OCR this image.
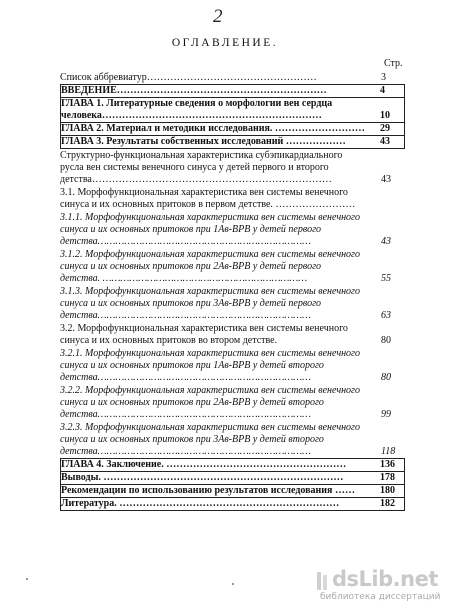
2
ОГЛАВЛЕНИЕ.
Стр.
Список аббревиатур……………………………………………	3
ВВЕДЕНИЕ………………………………………………………	4
ГЛАВА 1. Литературные сведения о морфологии вен сердца
человека…………………………………………………………	10
ГЛАВА 2. Материал и методики исследования. ………………………	29
ГЛАВА 3. Результаты собственных исследований ………………	43
Структурно-функциональная характеристика субэпикардиального
русла вен системы венечного синуса у детей первого и второго
детства………………………………………………………………	43
3.1. Морфофункциональная характеристика вен системы венечного
синуса и их основных притоков в первом детстве. ……………………
3.1.1. Морфофункциональная характеристика вен системы венечного
синуса и их основных притоков при 1Ав-ВРВ у детей первого
детства………………………………………………………………	43
3.1.2. Морфофункциональная характеристика вен системы венечного
синуса и их основных притоков при 2Ав-ВРВ у детей первого
детства. ……………………………………………………………	55
3.1.3. Морфофункциональная характеристика вен системы венечного
синуса и их основных притоков при 3Ав-ВРВ у детей первого
детства………………………………………………………………	63
3.2. Морфофункциональная характеристика вен системы венечного
синуса и их основных притоков во втором детстве.	80
3.2.1. Морфофункциональная характеристика вен системы венечного
синуса и их основных притоков при 1Ав-ВРВ у детей второго
детства………………………………………………………………	80
3.2.2. Морфофункциональная характеристика вен системы венечного
синуса и их основных притоков при 2Ав-ВРВ у детей второго
детства………………………………………………………………	99
3.2.3. Морфофункциональная характеристика вен системы венечного
синуса и их основных притоков при 3Ав-ВРВ у детей второго
детства………………………………………………………………	118
ГЛАВА 4. Заключение. ………………………………………………	136
Выводы. ………………………………………………………………	178
Рекомендации по использованию результатов исследования ……	180
Литература. …………………………………………………………	182
dsLib.net
библиотека диссертаций
